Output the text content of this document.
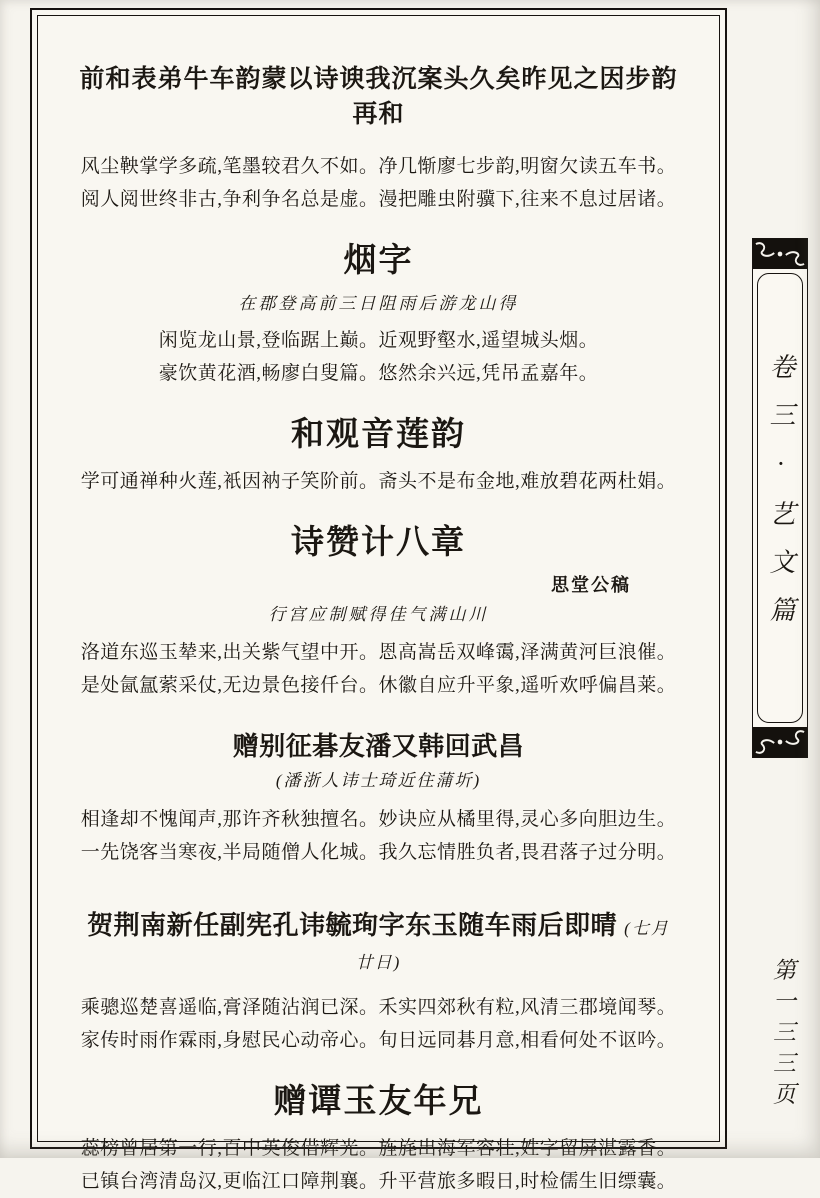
前和表弟牛车韵蒙以诗谀我沉案头久矣昨见之因步韵再和

风尘鞅掌学多疏,笔墨较君久不如。净几惭廖七步韵,明窗欠读五车书。

阅人阅世终非古,争利争名总是虚。漫把雕虫附骥下,往来不息过居诸。

烟字

在郡登高前三日阻雨后游龙山得

闲览龙山景,登临踞上巅。近观野壑水,遥望城头烟。

豪饮黄花酒,畅廖白叟篇。悠然余兴远,凭吊孟嘉年。

和观音莲韵

学可通禅种火莲,衹因衲子笑阶前。斋头不是布金地,难放碧花两杜娟。

诗赞计八章
思堂公稿

行宫应制赋得佳气满山川

洛道东巡玉辇来,出关紫气望中开。恩高嵩岳双峰霭,泽满黄河巨浪催。

是处氤氲萦采仗,无边景色接仟台。休徽自应升平象,遥听欢呼偏昌莱。

赠别征碁友潘又韩回武昌

(潘浙人讳士琦近住蒲圻)

相逢却不愧闻声,那许齐秋独擅名。妙诀应从橘里得,灵心多向胆边生。

一先饶客当寒夜,半局随僧人化城。我久忘情胜负者,畏君落子过分明。

贺荆南新任副宪孔讳毓珣字东玉随车雨后即晴 (七月廿日)

乘骢巡楚喜遥临,膏泽随沾润已深。禾实四郊秋有粒,风清三郡境闻琴。

家传时雨作霖雨,身慰民心动帝心。旬日远同碁月意,相看何处不讴吟。

赠谭玉友年兄

蕊榜曾居第一行,百中英俊借辉光。旌旄出海军容壮,姓字留屏湛露香。

已镇台湾清岛汉,更临江口障荆襄。升平营旅多暇日,时检儒生旧缥囊。

卷三·艺文篇
第一三三页
